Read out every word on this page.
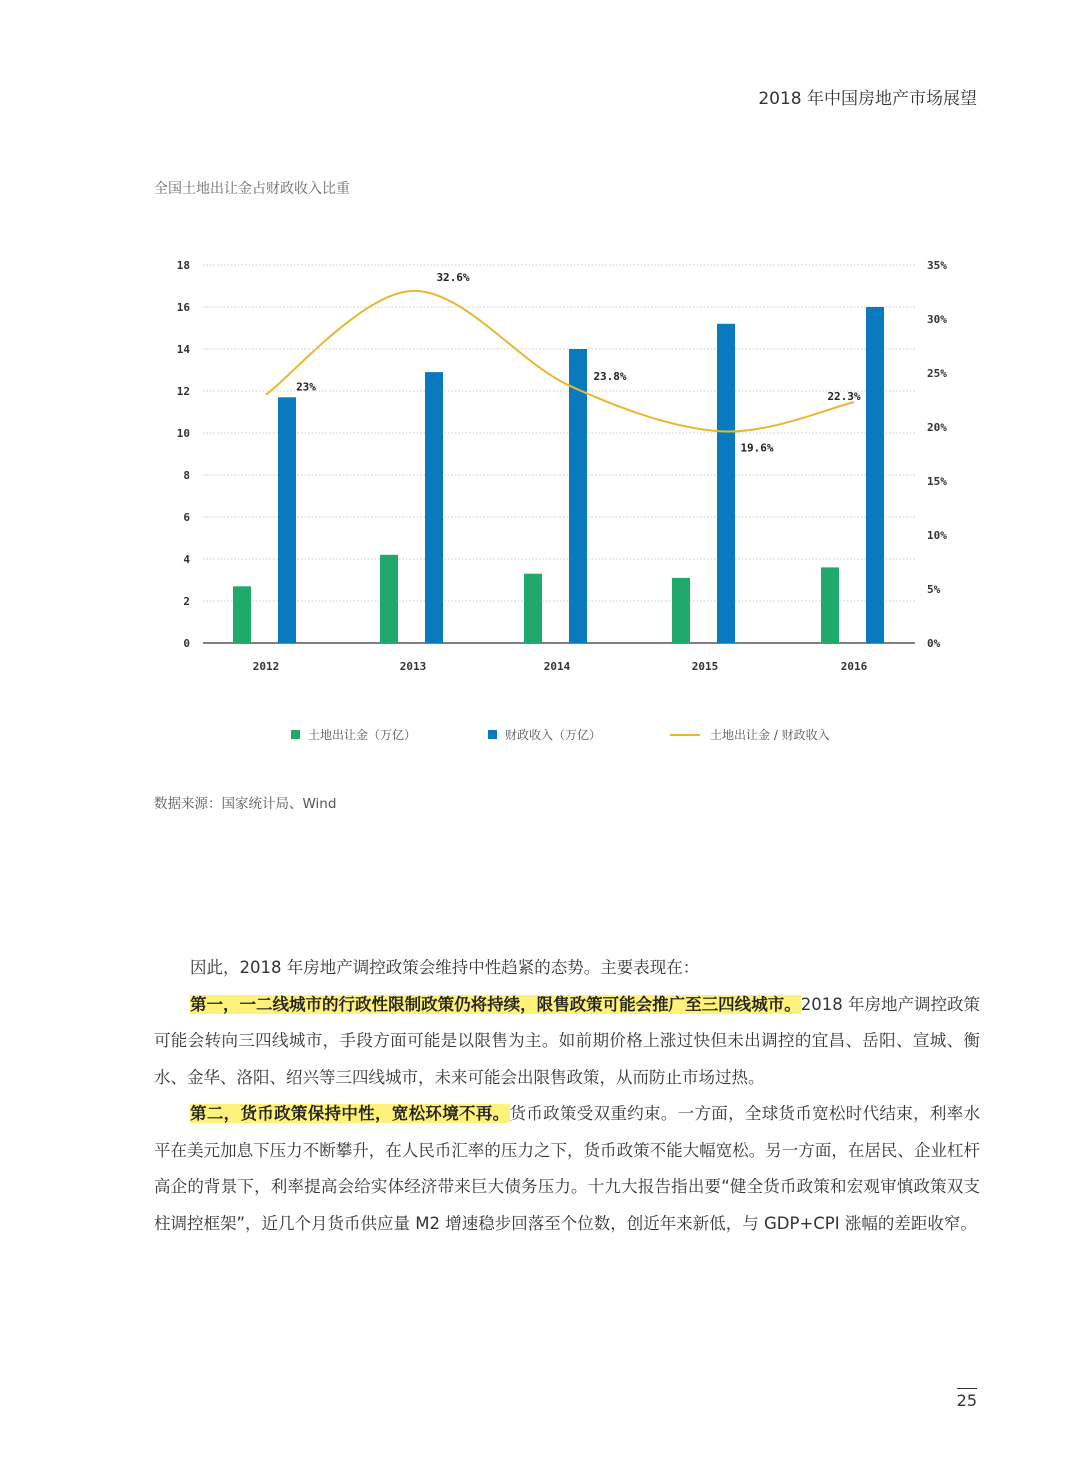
2018 年中国房地产市场展望
全国土地出让金占财政收入比重
0
2
4
6
8
10
12
14
16
18
0%
5%
10%
15%
20%
25%
30%
35%
2012	2013	2014	2015	2016
23%
32.6%
23.8%
19.6%
22.3%
土地出让金（万亿）	财政收入（万亿）	土地出让金 / 财政收入
数据来源：国家统计局、Wind

因此，2018 年房地产调控政策会维持中性趋紧的态势。主要表现在：

第一，一二线城市的行政性限制政策仍将持续，限售政策可能会推广至三四线城市。2018 年房地产调控政策可能会转向三四线城市，手段方面可能是以限售为主。如前期价格上涨过快但未出调控的宜昌、岳阳、宣城、衡水、金华、洛阳、绍兴等三四线城市，未来可能会出限售政策，从而防止市场过热。

第二，货币政策保持中性，宽松环境不再。货币政策受双重约束。一方面，全球货币宽松时代结束，利率水平在美元加息下压力不断攀升，在人民币汇率的压力之下，货币政策不能大幅宽松。另一方面，在居民、企业杠杆高企的背景下，利率提高会给实体经济带来巨大债务压力。十九大报告指出要“健全货币政策和宏观审慎政策双支柱调控框架”，近几个月货币供应量 M2 增速稳步回落至个位数，创近年来新低，与 GDP+CPI 涨幅的差距收窄。

25
